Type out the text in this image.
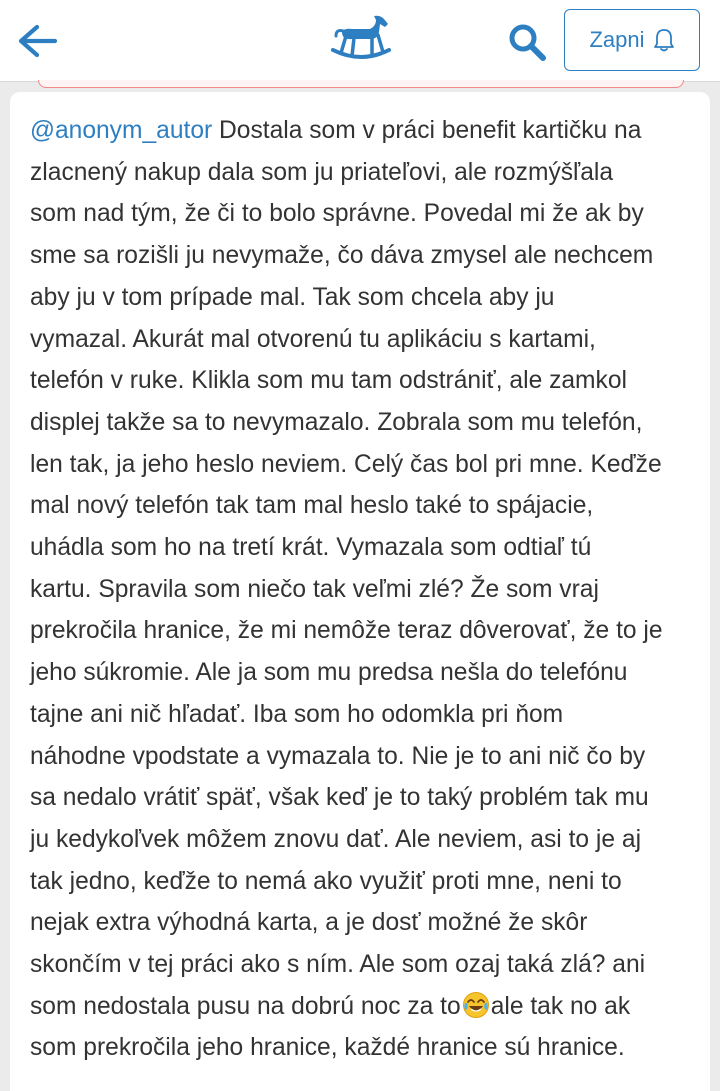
Zapni

@anonym_autor Dostala som v práci benefit kartičku na
zlacnený nakup dala som ju priateľovi, ale rozmýšľala
som nad tým, že či to bolo správne. Povedal mi že ak by
sme sa rozišli ju nevymaže, čo dáva zmysel ale nechcem
aby ju v tom prípade mal. Tak som chcela aby ju
vymazal. Akurát mal otvorenú tu aplikáciu s kartami,
telefón v ruke. Klikla som mu tam odstrániť, ale zamkol
displej takže sa to nevymazalo. Zobrala som mu telefón,
len tak, ja jeho heslo neviem. Celý čas bol pri mne. Keďže
mal nový telefón tak tam mal heslo také to spájacie,
uhádla som ho na tretí krát. Vymazala som odtiaľ tú
kartu. Spravila som niečo tak veľmi zlé? Že som vraj
prekročila hranice, že mi nemôže teraz dôverovať, že to je
jeho súkromie. Ale ja som mu predsa nešla do telefónu
tajne ani nič hľadať. Iba som ho odomkla pri ňom
náhodne vpodstate a vymazala to. Nie je to ani nič čo by
sa nedalo vrátiť späť, však keď je to taký problém tak mu
ju kedykoľvek môžem znovu dať. Ale neviem, asi to je aj
tak jedno, keďže to nemá ako využiť proti mne, neni to
nejak extra výhodná karta, a je dosť možné že skôr
skončím v tej práci ako s ním. Ale som ozaj taká zlá? ani
som nedostala pusu na dobrú noc za to ale tak no ak
som prekročila jeho hranice, každé hranice sú hranice.
